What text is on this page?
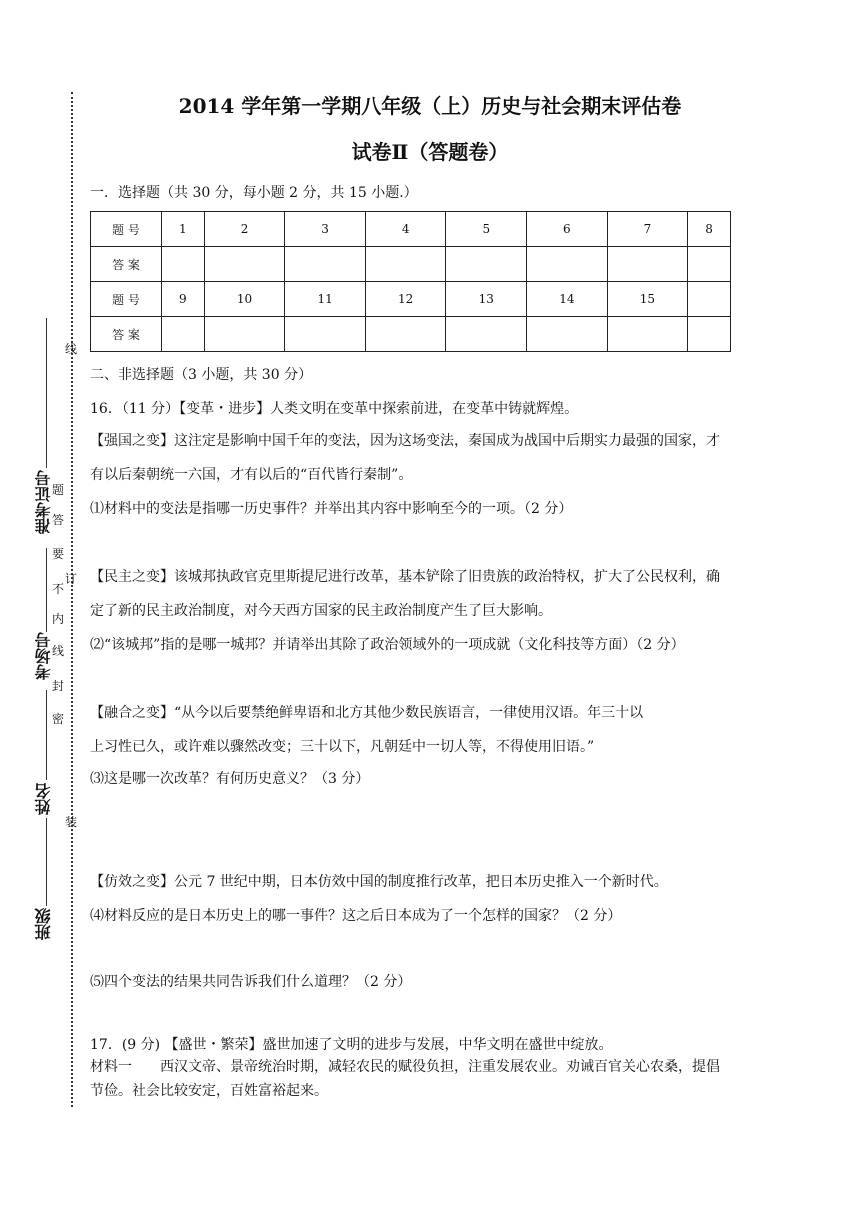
线
题
答
要
不
订
内
线
封
密
装
准考证号
考场号
姓名
班级
2014 学年第一学期八年级（上）历史与社会期末评估卷
试卷Ⅱ（答题卷）
一．选择题（共 30 分，每小题 2 分，共 15 小题.）
题 号	1	2	3	4	5	6	7	8
答 案								
题 号	9	10	11	12	13	14	15	
答 案								
二、非选择题（3 小题，共 30 分）
16．（11 分）【变革・进步】人类文明在变革中探索前进，在变革中铸就辉煌。
【强国之变】这注定是影响中国千年的变法，因为这场变法，秦国成为战国中后期实力最强的国家，才
有以后秦朝统一六国，才有以后的“百代皆行秦制”。
⑴材料中的变法是指哪一历史事件？并举出其内容中影响至今的一项。（2 分）
【民主之变】该城邦执政官克里斯提尼进行改革，基本铲除了旧贵族的政治特权，扩大了公民权利，确
定了新的民主政治制度，对今天西方国家的民主政治制度产生了巨大影响。
⑵“该城邦”指的是哪一城邦？并请举出其除了政治领域外的一项成就（文化科技等方面）（2 分）
【融合之变】“从今以后要禁绝鲜卑语和北方其他少数民族语言，一律使用汉语。年三十以
上习性已久，或许难以骤然改变；三十以下，凡朝廷中一切人等，不得使用旧语。”
⑶这是哪一次改革？有何历史意义？（3 分）
【仿效之变】公元 7 世纪中期，日本仿效中国的制度推行改革，把日本历史推入一个新时代。
⑷材料反应的是日本历史上的哪一事件？这之后日本成为了一个怎样的国家？（2 分）
⑸四个变法的结果共同告诉我们什么道理？（2 分）
17．(9 分) 【盛世・繁荣】盛世加速了文明的进步与发展，中华文明在盛世中绽放。
材料一　　西汉文帝、景帝统治时期，减轻农民的赋役负担，注重发展农业。劝诫百官关心农桑，提倡
节俭。社会比较安定，百姓富裕起来。
